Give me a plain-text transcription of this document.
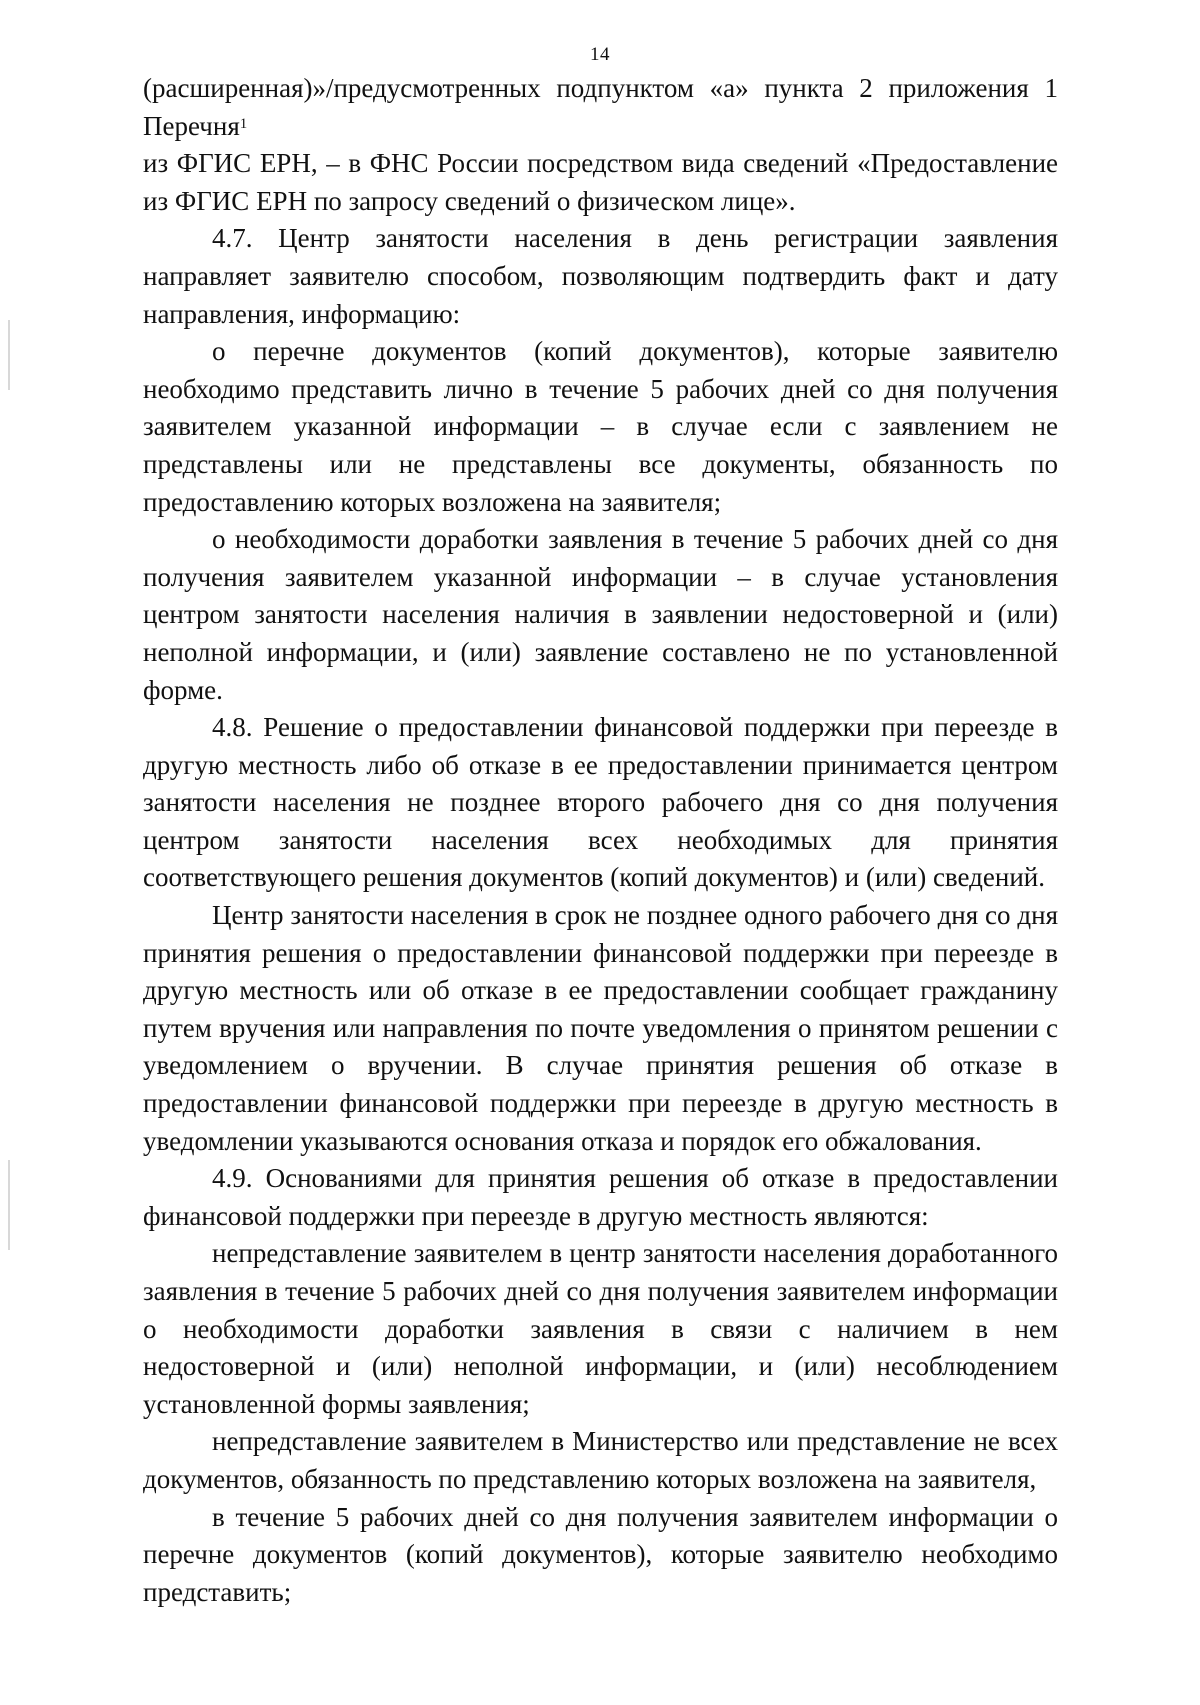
14

(расширенная)»/предусмотренных подпунктом «а» пункта 2 приложения 1 Перечня$^1$

из ФГИС ЕРН, – в ФНС России посредством вида сведений «Предоставление из ФГИС ЕРН по запросу сведений о физическом лице».

4.7. Центр занятости населения в день регистрации заявления направляет заявителю способом, позволяющим подтвердить факт и дату направления, информацию:

о перечне документов (копий документов), которые заявителю необходимо представить лично в течение 5 рабочих дней со дня получения заявителем указанной информации – в случае если с заявлением не представлены или не представлены все документы, обязанность по предоставлению которых возложена на заявителя;

о необходимости доработки заявления в течение 5 рабочих дней со дня получения заявителем указанной информации – в случае установления центром занятости населения наличия в заявлении недостоверной и (или) неполной информации, и (или) заявление составлено не по установленной форме.

4.8. Решение о предоставлении финансовой поддержки при переезде в другую местность либо об отказе в ее предоставлении принимается центром занятости населения не позднее второго рабочего дня со дня получения центром занятости населения всех необходимых для принятия соответствующего решения документов (копий документов) и (или) сведений.

Центр занятости населения в срок не позднее одного рабочего дня со дня принятия решения о предоставлении финансовой поддержки при переезде в другую местность или об отказе в ее предоставлении сообщает гражданину путем вручения или направления по почте уведомления о принятом решении с уведомлением о вручении. В случае принятия решения об отказе в предоставлении финансовой поддержки при переезде в другую местность в уведомлении указываются основания отказа и порядок его обжалования.

4.9. Основаниями для принятия решения об отказе в предоставлении финансовой поддержки при переезде в другую местность являются:

непредставление заявителем в центр занятости населения доработанного заявления в течение 5 рабочих дней со дня получения заявителем информации о необходимости доработки заявления в связи с наличием в нем недостоверной и (или) неполной информации, и (или) несоблюдением установленной формы заявления;

непредставление заявителем в Министерство или представление не всех документов, обязанность по представлению которых возложена на заявителя,

в течение 5 рабочих дней со дня получения заявителем информации о перечне документов (копий документов), которые заявителю необходимо представить;
